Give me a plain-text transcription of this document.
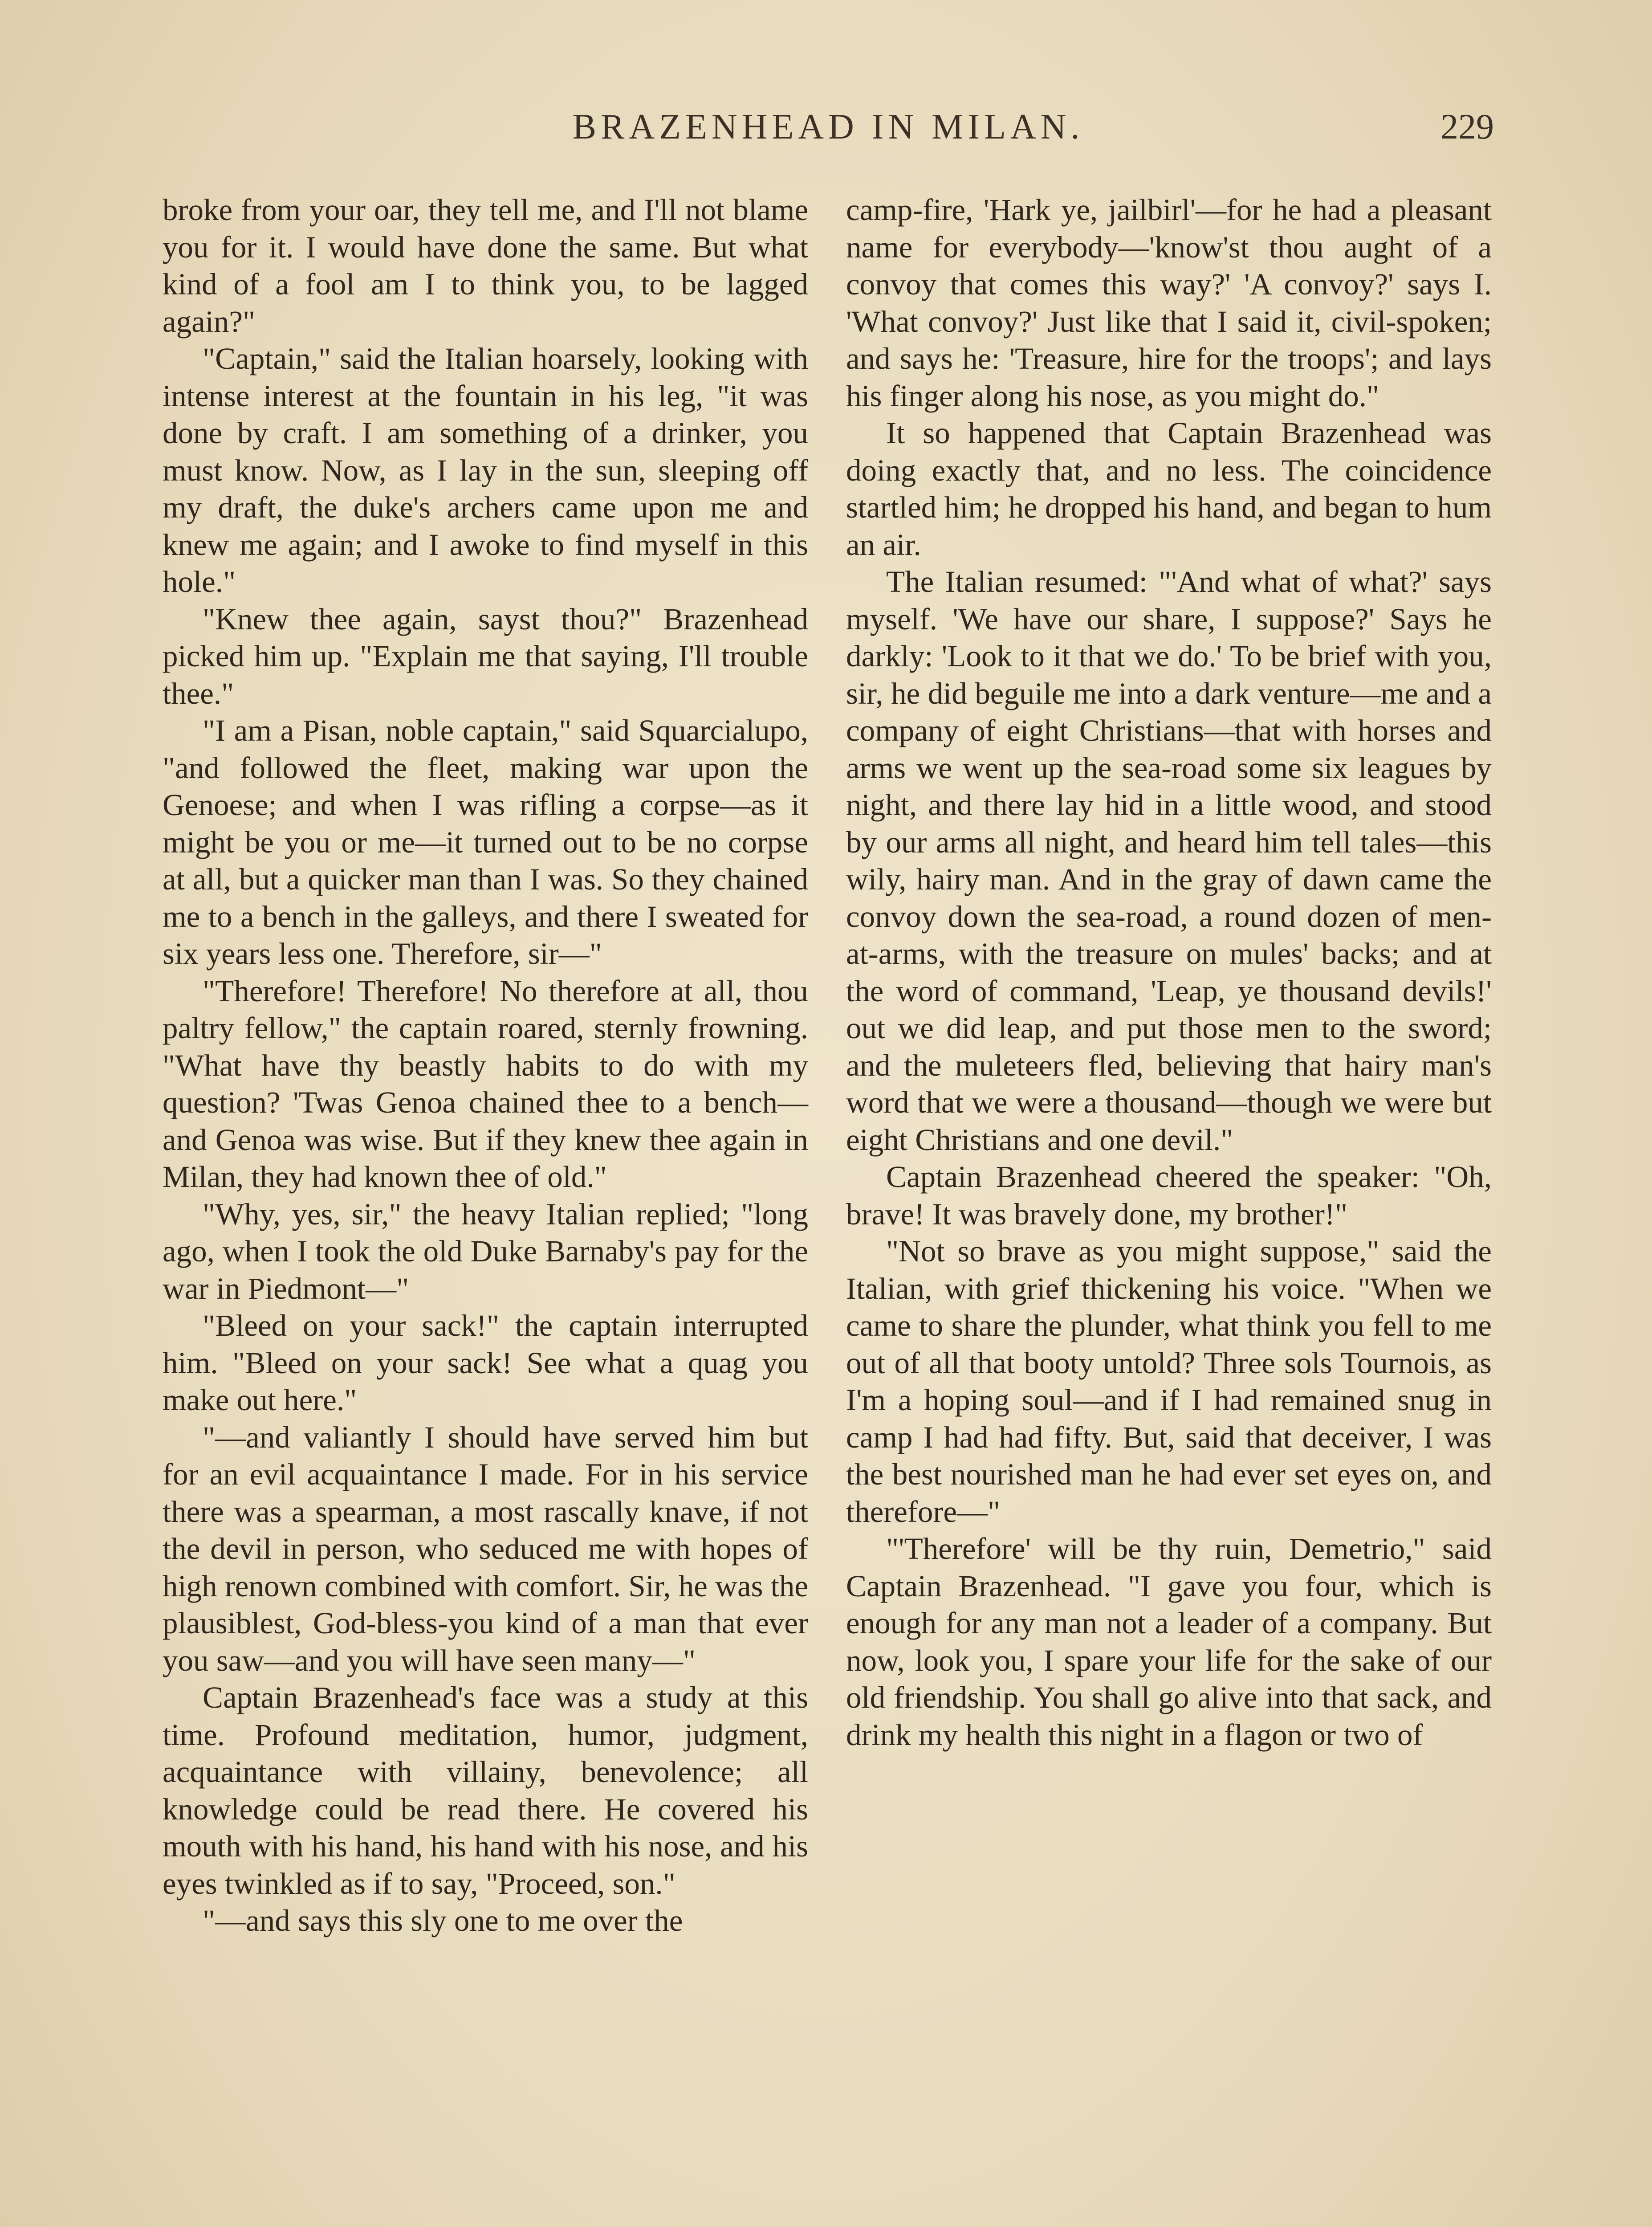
BRAZENHEAD IN MILAN.	229

broke from your oar, they tell me, and I'll not blame you for it. I would have done the same. But what kind of a fool am I to think you, to be lagged again?"

"Captain," said the Italian hoarsely, looking with intense interest at the fountain in his leg, "it was done by craft. I am something of a drinker, you must know. Now, as I lay in the sun, sleeping off my draft, the duke's archers came upon me and knew me again; and I awoke to find myself in this hole."

"Knew thee again, sayst thou?" Brazenhead picked him up. "Explain me that saying, I'll trouble thee."

"I am a Pisan, noble captain," said Squarcialupo, "and followed the fleet, making war upon the Genoese; and when I was rifling a corpse—as it might be you or me—it turned out to be no corpse at all, but a quicker man than I was. So they chained me to a bench in the galleys, and there I sweated for six years less one. Therefore, sir—"

"Therefore! Therefore! No therefore at all, thou paltry fellow," the captain roared, sternly frowning. "What have thy beastly habits to do with my question? 'Twas Genoa chained thee to a bench—and Genoa was wise. But if they knew thee again in Milan, they had known thee of old."

"Why, yes, sir," the heavy Italian replied; "long ago, when I took the old Duke Barnaby's pay for the war in Piedmont—"

"Bleed on your sack!" the captain interrupted him. "Bleed on your sack! See what a quag you make out here."

"—and valiantly I should have served him but for an evil acquaintance I made. For in his service there was a spearman, a most rascally knave, if not the devil in person, who seduced me with hopes of high renown combined with comfort. Sir, he was the plausiblest, God-bless-you kind of a man that ever you saw—and you will have seen many—"

Captain Brazenhead's face was a study at this time. Profound meditation, humor, judgment, acquaintance with villainy, benevolence; all knowledge could be read there. He covered his mouth with his hand, his hand with his nose, and his eyes twinkled as if to say, "Proceed, son."

"—and says this sly one to me over the

camp-fire, 'Hark ye, jailbirl'—for he had a pleasant name for everybody—'know'st thou aught of a convoy that comes this way?' 'A convoy?' says I. 'What convoy?' Just like that I said it, civil-spoken; and says he: 'Treasure, hire for the troops'; and lays his finger along his nose, as you might do."

It so happened that Captain Brazenhead was doing exactly that, and no less. The coincidence startled him; he dropped his hand, and began to hum an air.

The Italian resumed: "'And what of what?' says myself. 'We have our share, I suppose?' Says he darkly: 'Look to it that we do.' To be brief with you, sir, he did beguile me into a dark venture—me and a company of eight Christians—that with horses and arms we went up the sea-road some six leagues by night, and there lay hid in a little wood, and stood by our arms all night, and heard him tell tales—this wily, hairy man. And in the gray of dawn came the convoy down the sea-road, a round dozen of men-at-arms, with the treasure on mules' backs; and at the word of command, 'Leap, ye thousand devils!' out we did leap, and put those men to the sword; and the muleteers fled, believing that hairy man's word that we were a thousand—though we were but eight Christians and one devil."

Captain Brazenhead cheered the speaker: "Oh, brave! It was bravely done, my brother!"

"Not so brave as you might suppose," said the Italian, with grief thickening his voice. "When we came to share the plunder, what think you fell to me out of all that booty untold? Three sols Tournois, as I'm a hoping soul—and if I had remained snug in camp I had had fifty. But, said that deceiver, I was the best nourished man he had ever set eyes on, and therefore—"

"'Therefore' will be thy ruin, Demetrio," said Captain Brazenhead. "I gave you four, which is enough for any man not a leader of a company. But now, look you, I spare your life for the sake of our old friendship. You shall go alive into that sack, and drink my health this night in a flagon or two of
